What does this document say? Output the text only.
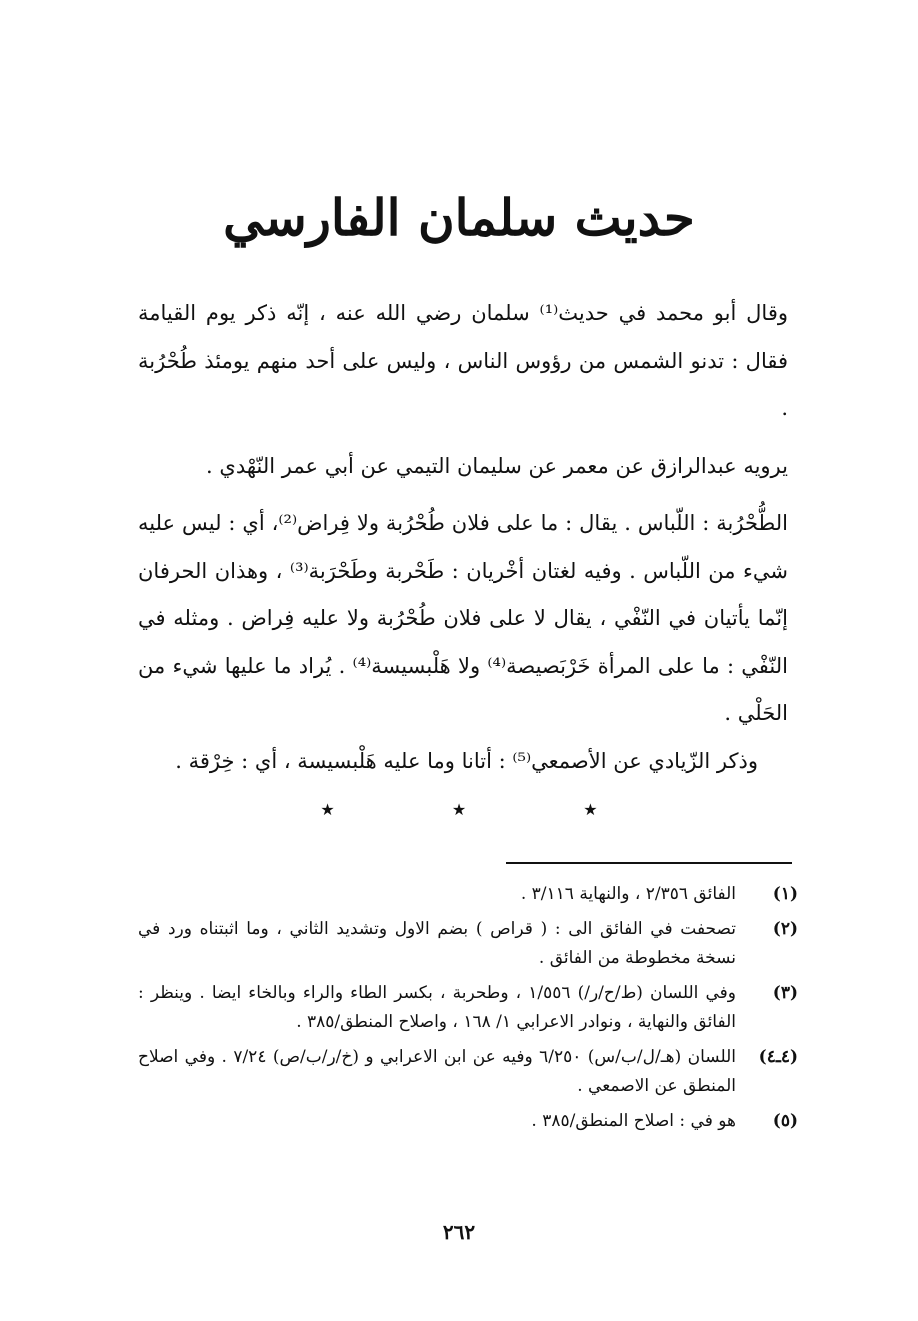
حديث سلمان الفارسي

وقال أبو محمد في حديث⁽¹⁾ سلمان رضي الله عنه ، إنّه ذكر يوم القيامة فقال : تدنو الشمس من رؤوس الناس ، وليس على أحد منهم يومئذ طُحْرُبة .

يرويه عبدالرازق عن معمر عن سليمان التيمي عن أبي عمر النّهْدي .

الطُّحْرُبة : اللّباس . يقال : ما على فلان طُحْرُبة ولا فِراض⁽²⁾، أي : ليس عليه شيء من اللّباس . وفيه لغتان أخْريان : طَحْربة وطَحْرَبة⁽³⁾ ، وهذان الحرفان إنّما يأتيان في النّفْي ، يقال لا على فلان طُحْرُبة ولا عليه فِراض . ومثله في النّفْي : ما على المرأة خَرْبَصيصة⁽⁴⁾ ولا هَلْبسيسة⁽⁴⁾ . يُراد ما عليها شيء من الحَلْي .

وذكر الزّيادي عن الأصمعي⁽⁵⁾ : أتانا وما عليه هَلْبسيسة ، أي : خِرْقة .

★ ★ ★
(١)
الفائق ٢/٣٥٦ ، والنهاية ٣/١١٦ .
(٢)
تصحفت في الفائق الى : ( قراص ) بضم الاول وتشديد الثاني ، وما اثبتناه ورد في نسخة مخطوطة من الفائق .
(٣)
وفي اللسان (ط/ح/ر/) ١/٥٥٦ ، وطحربة ، بكسر الطاء والراء وبالخاء ايضا . وينظر : الفائق والنهاية ، ونوادر الاعرابي ١/ ١٦٨ ، واصلاح المنطق/٣٨٥ .
(٤ـ٤)
اللسان (هـ/ل/ب/س) ٦/٢٥٠ وفيه عن ابن الاعرابي و (خ/ر/ب/ص) ٧/٢٤ . وفي اصلاح المنطق عن الاصمعي .
(٥)
هو في : اصلاح المنطق/٣٨٥ .
٢٦٢
